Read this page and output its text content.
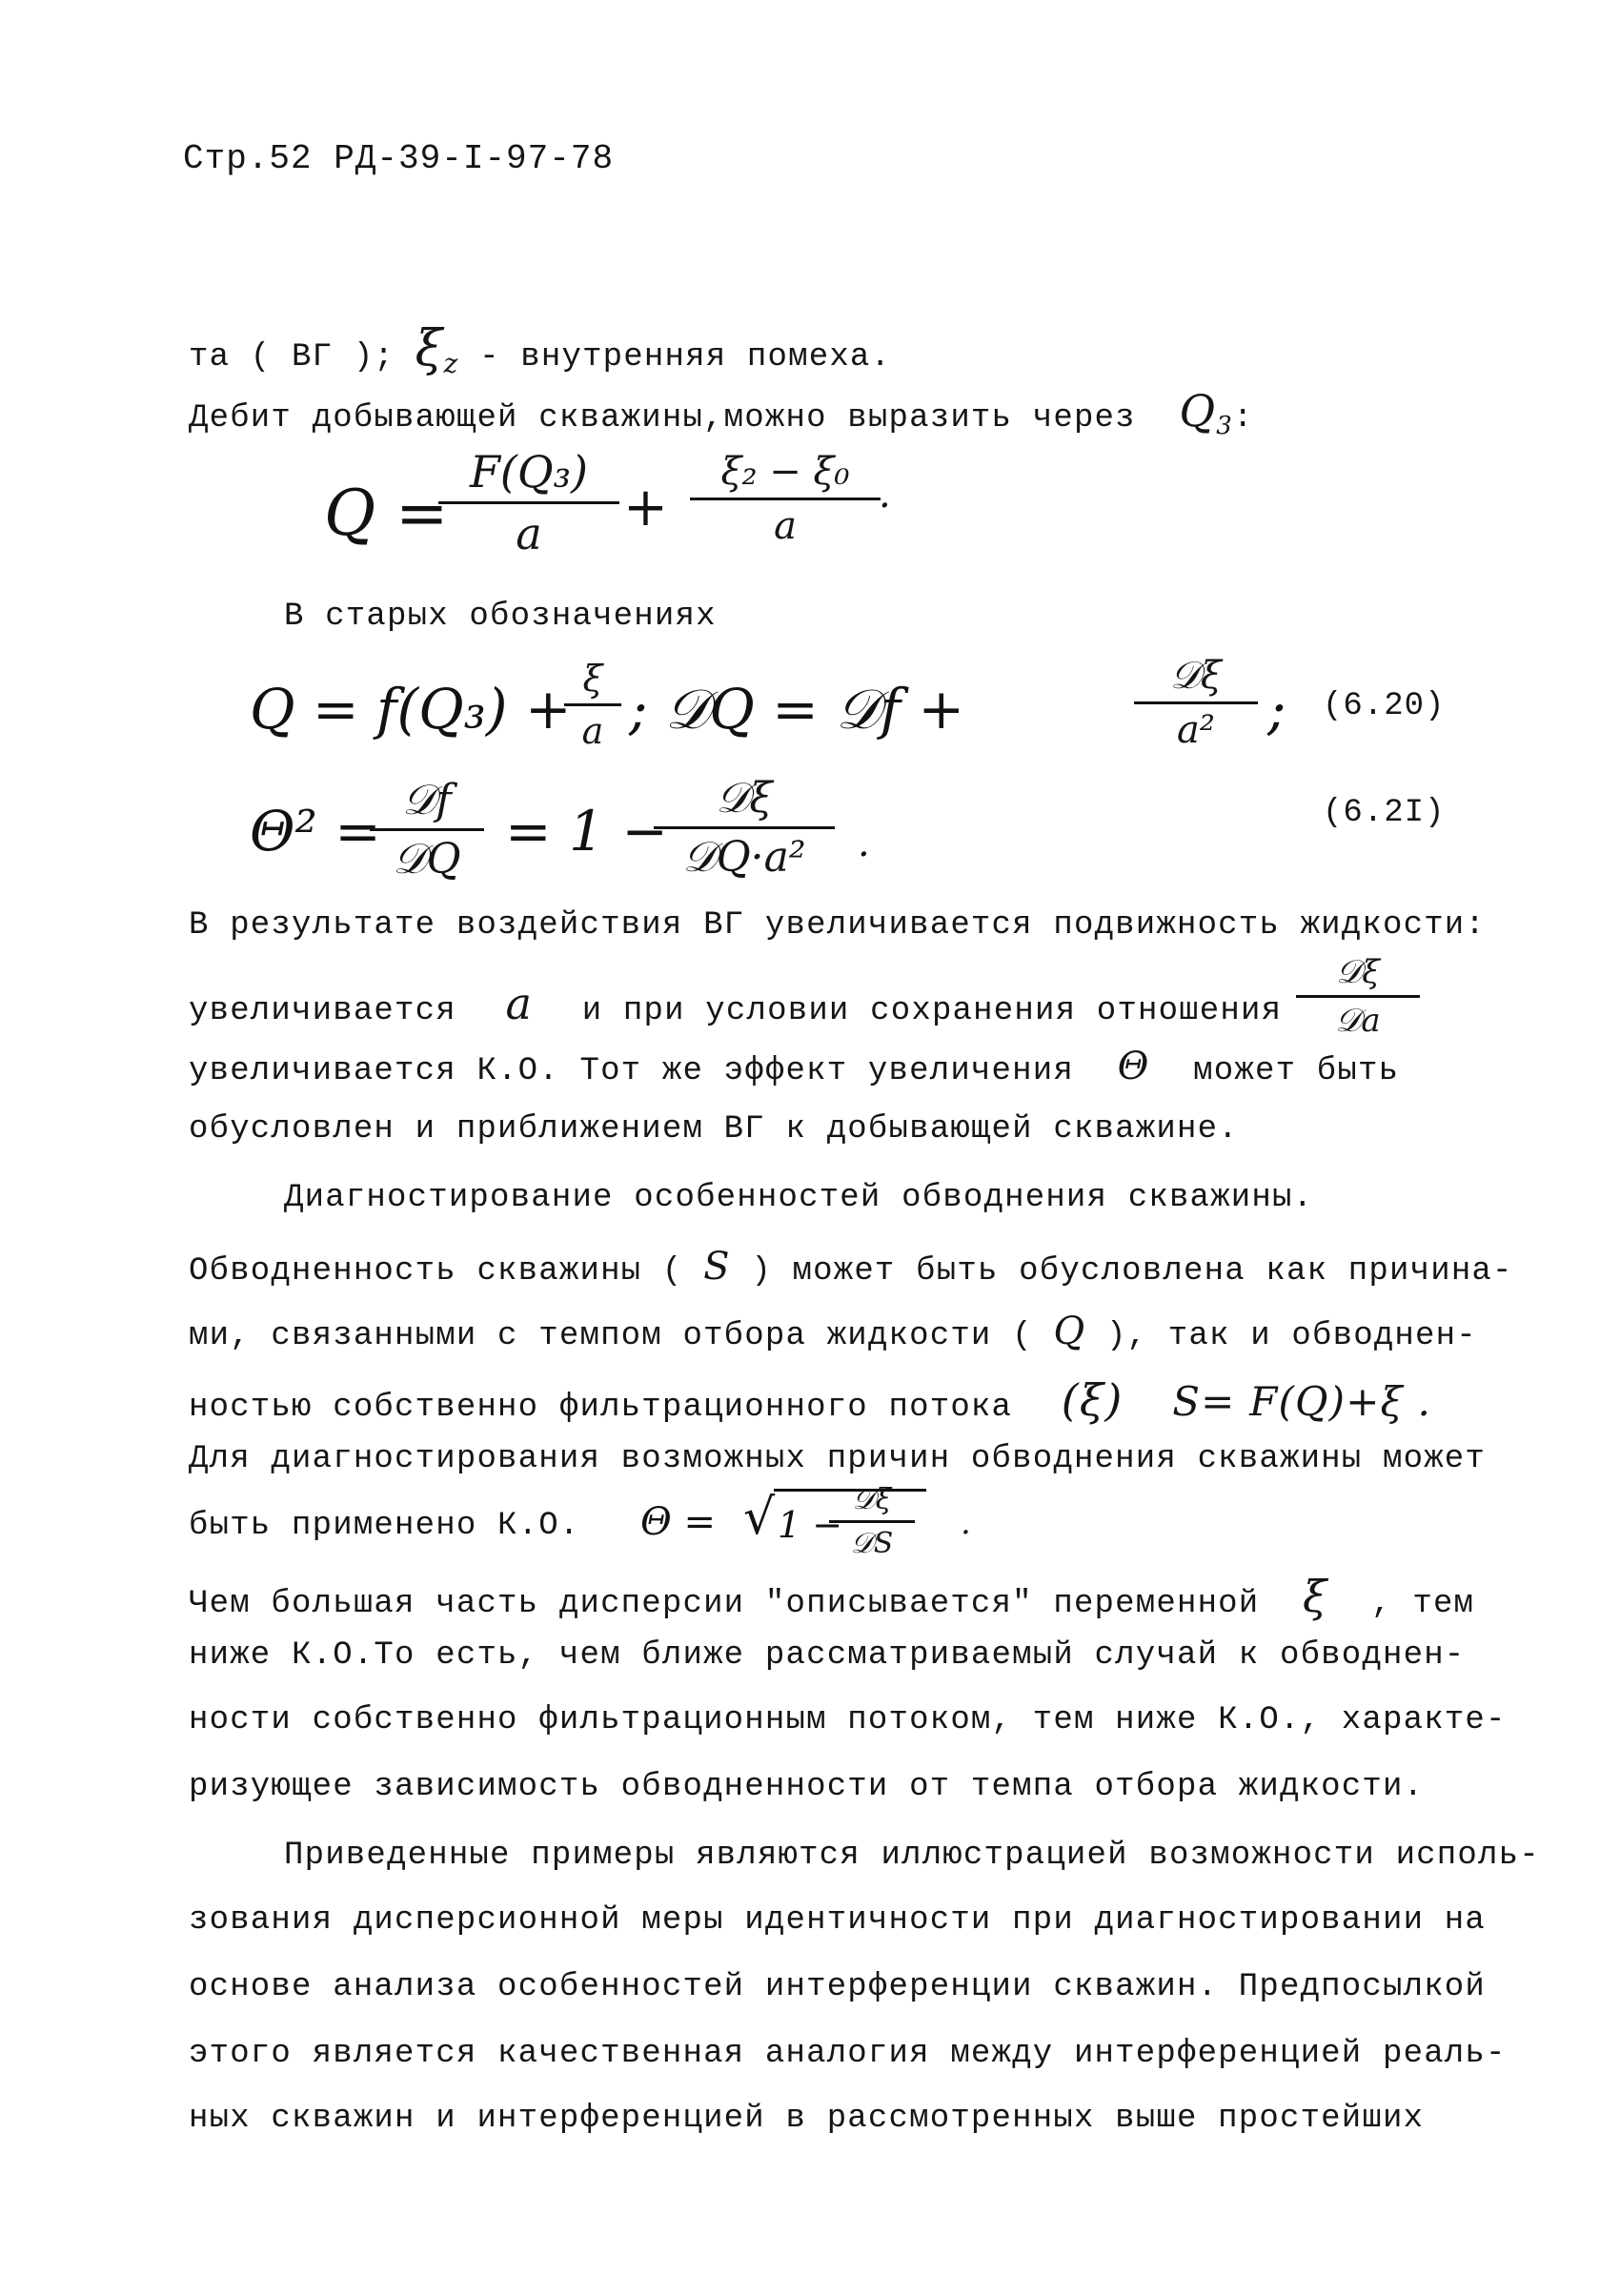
Стр.52 РД-39-I-97-78
та ( ВГ ); $\xi_z$ - внутренняя помеха.
Дебит добывающей скважины,можно выразить через $Q_3$:
Q =
$\frac{\text{F(Q₃)}}{a} + \frac{\text{ξ₂ − ξ₀}}{a}$
.
В старых обозначениях
Q = f(Q₃) +
$\frac{\xi}{a}$ ; 𝒟Q = 𝒟f +
𝒟ξ
a² ; (6.20)
Θ² = 𝒟f
𝒟Q = 1 −
𝒟ξ
𝒟Q·a²	.
(6.2I)
В результате воздействия ВГ увеличивается подвижность жидкости:
увеличивается a и при условии сохранения отношения
𝒟ξ
𝒟a
увеличивается К.О. Тот же эффект увеличения Θ может быть
обусловлен и приближением ВГ к добывающей скважине.
Диагностирование особенностей обводнения скважины.
Обводненность скважины ( S ) может быть обусловлена как причина-
ми, связанными с темпом отбора жидкости ( Q ), так и обводнен-
ностью собственно фильтрационного потока (ξ) S= F(Q)+ξ .
Для диагностирования возможных причин обводнения скважины может
быть применено К.О. Θ = √ 1 −
𝒟ξ
𝒟S
.
Чем большая часть дисперсии "описывается" переменной ξ , тем
ниже К.О.То есть, чем ближе рассматриваемый случай к обводнен-
ности собственно фильтрационным потоком, тем ниже К.О., характе-
ризующее зависимость обводненности от темпа отбора жидкости.
Приведенные примеры являются иллюстрацией возможности исполь-
зования дисперсионной меры идентичности при диагностировании на
основе анализа особенностей интерференции скважин. Предпосылкой
этого является качественная аналогия между интерференцией реаль-
ных скважин и интерференцией в рассмотренных выше простейших
